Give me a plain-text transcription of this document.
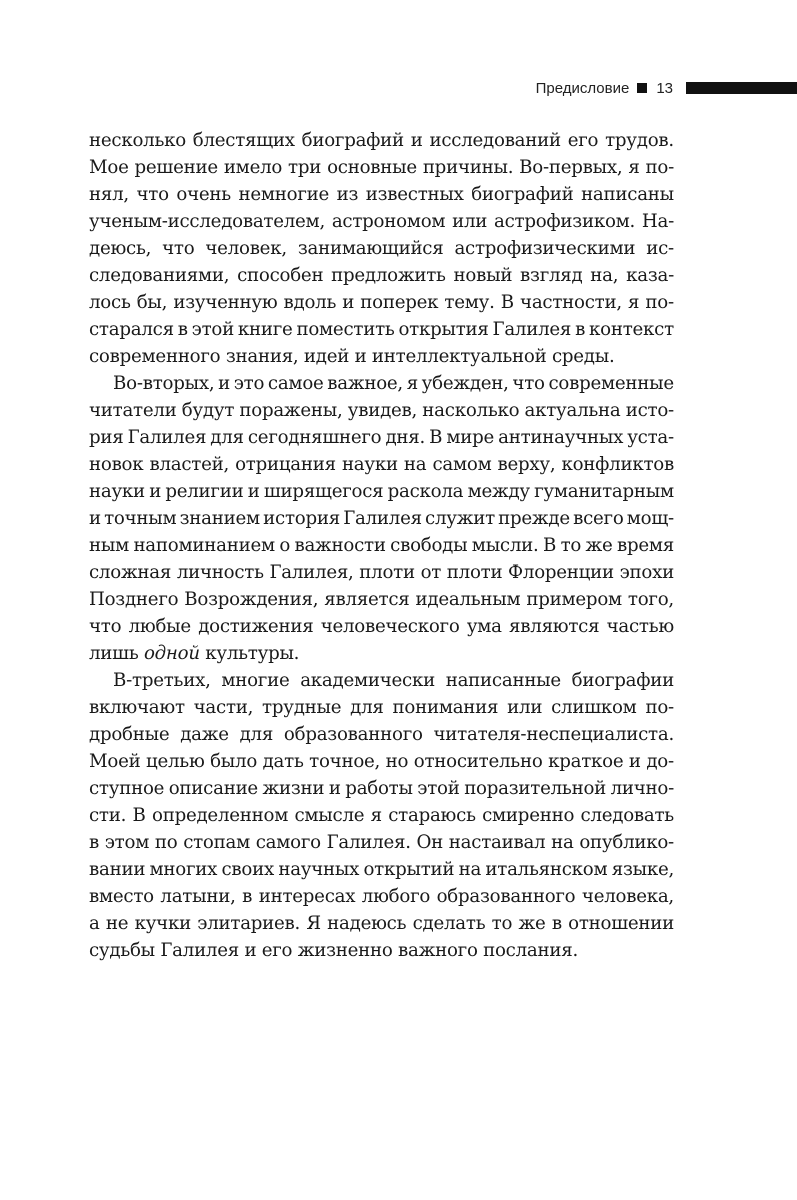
Предисловие 13
несколько блестящих биографий и исследований его трудов.
Мое решение имело три основные причины. Во-первых, я по-
нял, что очень немногие из известных биографий написаны
ученым-исследователем, астрономом или астрофизиком. На-
деюсь, что человек, занимающийся астрофизическими ис-
следованиями, способен предложить новый взгляд на, каза-
лось бы, изученную вдоль и поперек тему. В частности, я по-
старался в этой книге поместить открытия Галилея в контекст
современного знания, идей и интеллектуальной среды.
Во-вторых, и это самое важное, я убежден, что современные
читатели будут поражены, увидев, насколько актуальна исто-
рия Галилея для сегодняшнего дня. В мире антинаучных уста-
новок властей, отрицания науки на самом верху, конфликтов
науки и религии и ширящегося раскола между гуманитарным
и точным знанием история Галилея служит прежде всего мощ-
ным напоминанием о важности свободы мысли. В то же время
сложная личность Галилея, плоти от плоти Флоренции эпохи
Позднего Возрождения, является идеальным примером того,
что любые достижения человеческого ума являются частью
лишь одной культуры.
В-третьих, многие академически написанные биографии
включают части, трудные для понимания или слишком по-
дробные даже для образованного читателя-неспециалиста.
Моей целью было дать точное, но относительно краткое и до-
ступное описание жизни и работы этой поразительной лично-
сти. В определенном смысле я стараюсь смиренно следовать
в этом по стопам самого Галилея. Он настаивал на опублико-
вании многих своих научных открытий на итальянском языке,
вместо латыни, в интересах любого образованного человека,
а не кучки элитариев. Я надеюсь сделать то же в отношении
судьбы Галилея и его жизненно важного послания.
